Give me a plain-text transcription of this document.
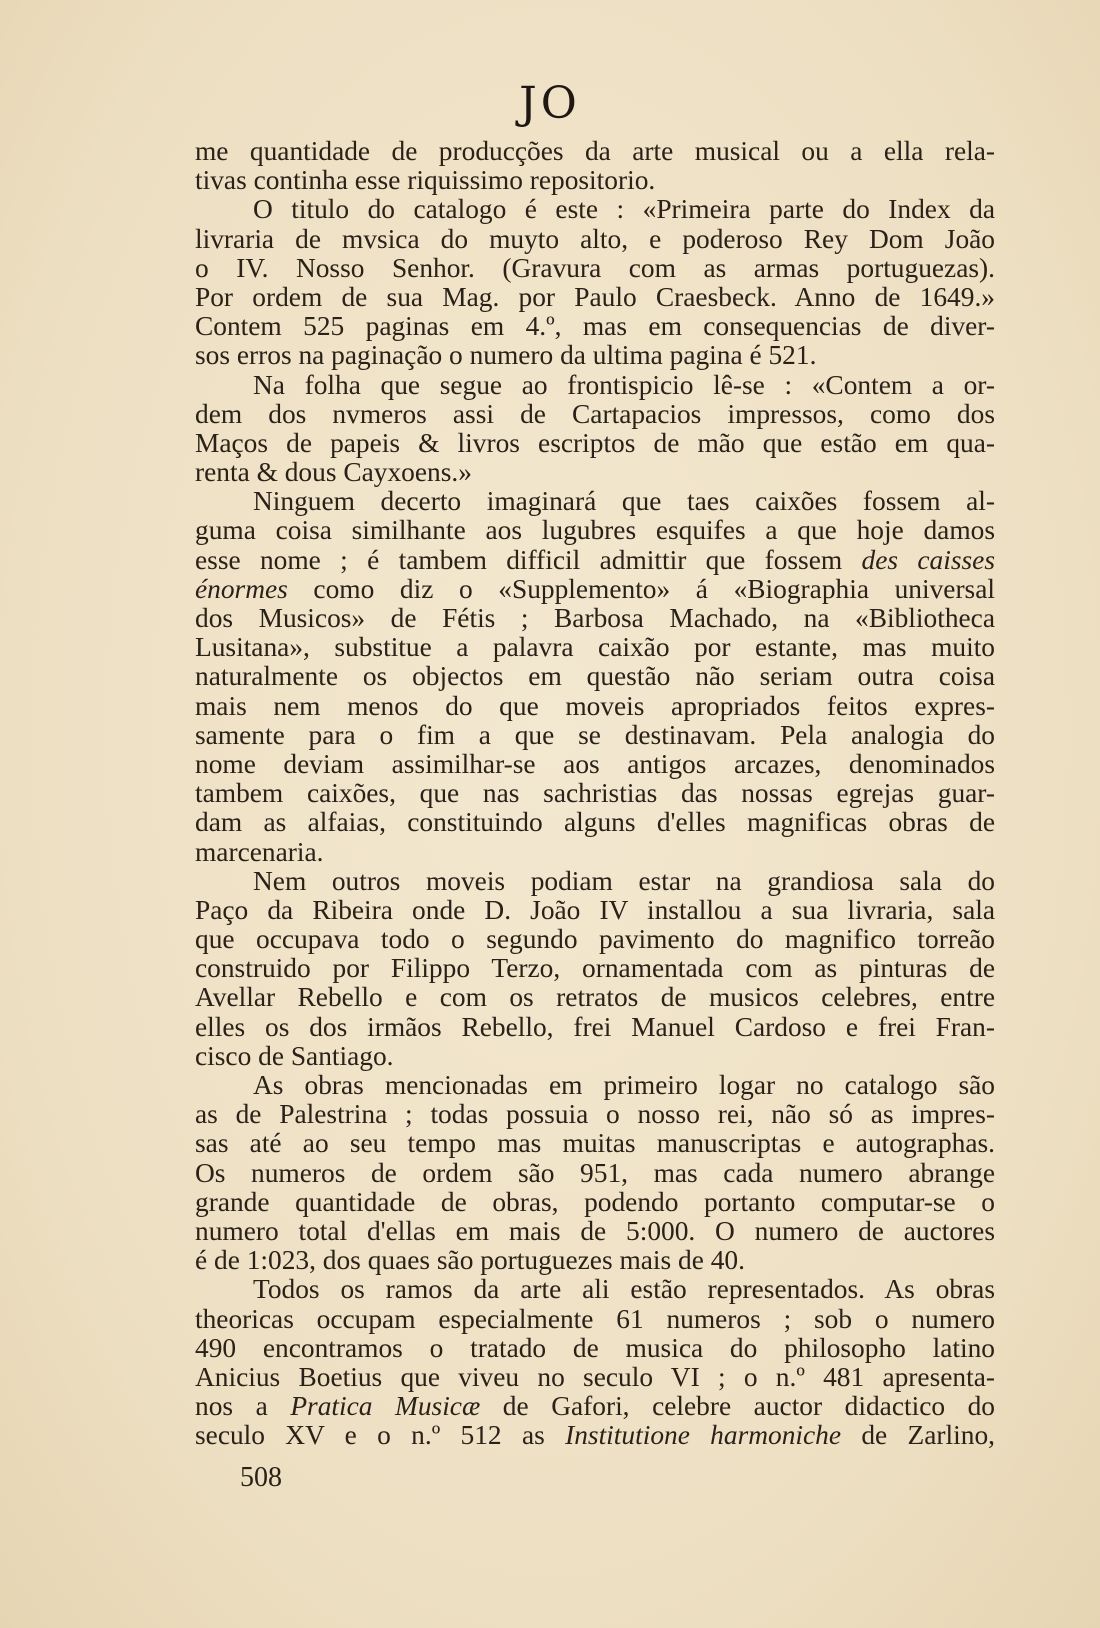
JO
me quantidade de producções da arte musical ou a ella rela-
tivas continha esse riquissimo repositorio.
O titulo do catalogo é este : «Primeira parte do Index da
livraria de mvsica do muyto alto, e poderoso Rey Dom João
o IV. Nosso Senhor. (Gravura com as armas portuguezas).
Por ordem de sua Mag. por Paulo Craesbeck. Anno de 1649.»
Contem 525 paginas em 4.º, mas em consequencias de diver-
sos erros na paginação o numero da ultima pagina é 521.
Na folha que segue ao frontispicio lê-se : «Contem a or-
dem dos nvmeros assi de Cartapacios impressos, como dos
Maços de papeis & livros escriptos de mão que estão em qua-
renta & dous Cayxoens.»
Ninguem decerto imaginará que taes caixões fossem al-
guma coisa similhante aos lugubres esquifes a que hoje damos
esse nome ; é tambem difficil admittir que fossem des caisses
énormes como diz o «Supplemento» á «Biographia universal
dos Musicos» de Fétis ; Barbosa Machado, na «Bibliotheca
Lusitana», substitue a palavra caixão por estante, mas muito
naturalmente os objectos em questão não seriam outra coisa
mais nem menos do que moveis apropriados feitos expres-
samente para o fim a que se destinavam. Pela analogia do
nome deviam assimilhar-se aos antigos arcazes, denominados
tambem caixões, que nas sachristias das nossas egrejas guar-
dam as alfaias, constituindo alguns d'elles magnificas obras de
marcenaria.
Nem outros moveis podiam estar na grandiosa sala do
Paço da Ribeira onde D. João IV installou a sua livraria, sala
que occupava todo o segundo pavimento do magnifico torreão
construido por Filippo Terzo, ornamentada com as pinturas de
Avellar Rebello e com os retratos de musicos celebres, entre
elles os dos irmãos Rebello, frei Manuel Cardoso e frei Fran-
cisco de Santiago.
As obras mencionadas em primeiro logar no catalogo são
as de Palestrina ; todas possuia o nosso rei, não só as impres-
sas até ao seu tempo mas muitas manuscriptas e autographas.
Os numeros de ordem são 951, mas cada numero abrange
grande quantidade de obras, podendo portanto computar-se o
numero total d'ellas em mais de 5:000. O numero de auctores
é de 1:023, dos quaes são portuguezes mais de 40.
Todos os ramos da arte ali estão representados. As obras
theoricas occupam especialmente 61 numeros ; sob o numero
490 encontramos o tratado de musica do philosopho latino
Anicius Boetius que viveu no seculo VI ; o n.º 481 apresenta-
nos a Pratica Musicæ de Gafori, celebre auctor didactico do
seculo XV e o n.º 512 as Institutione harmoniche de Zarlino,
508
